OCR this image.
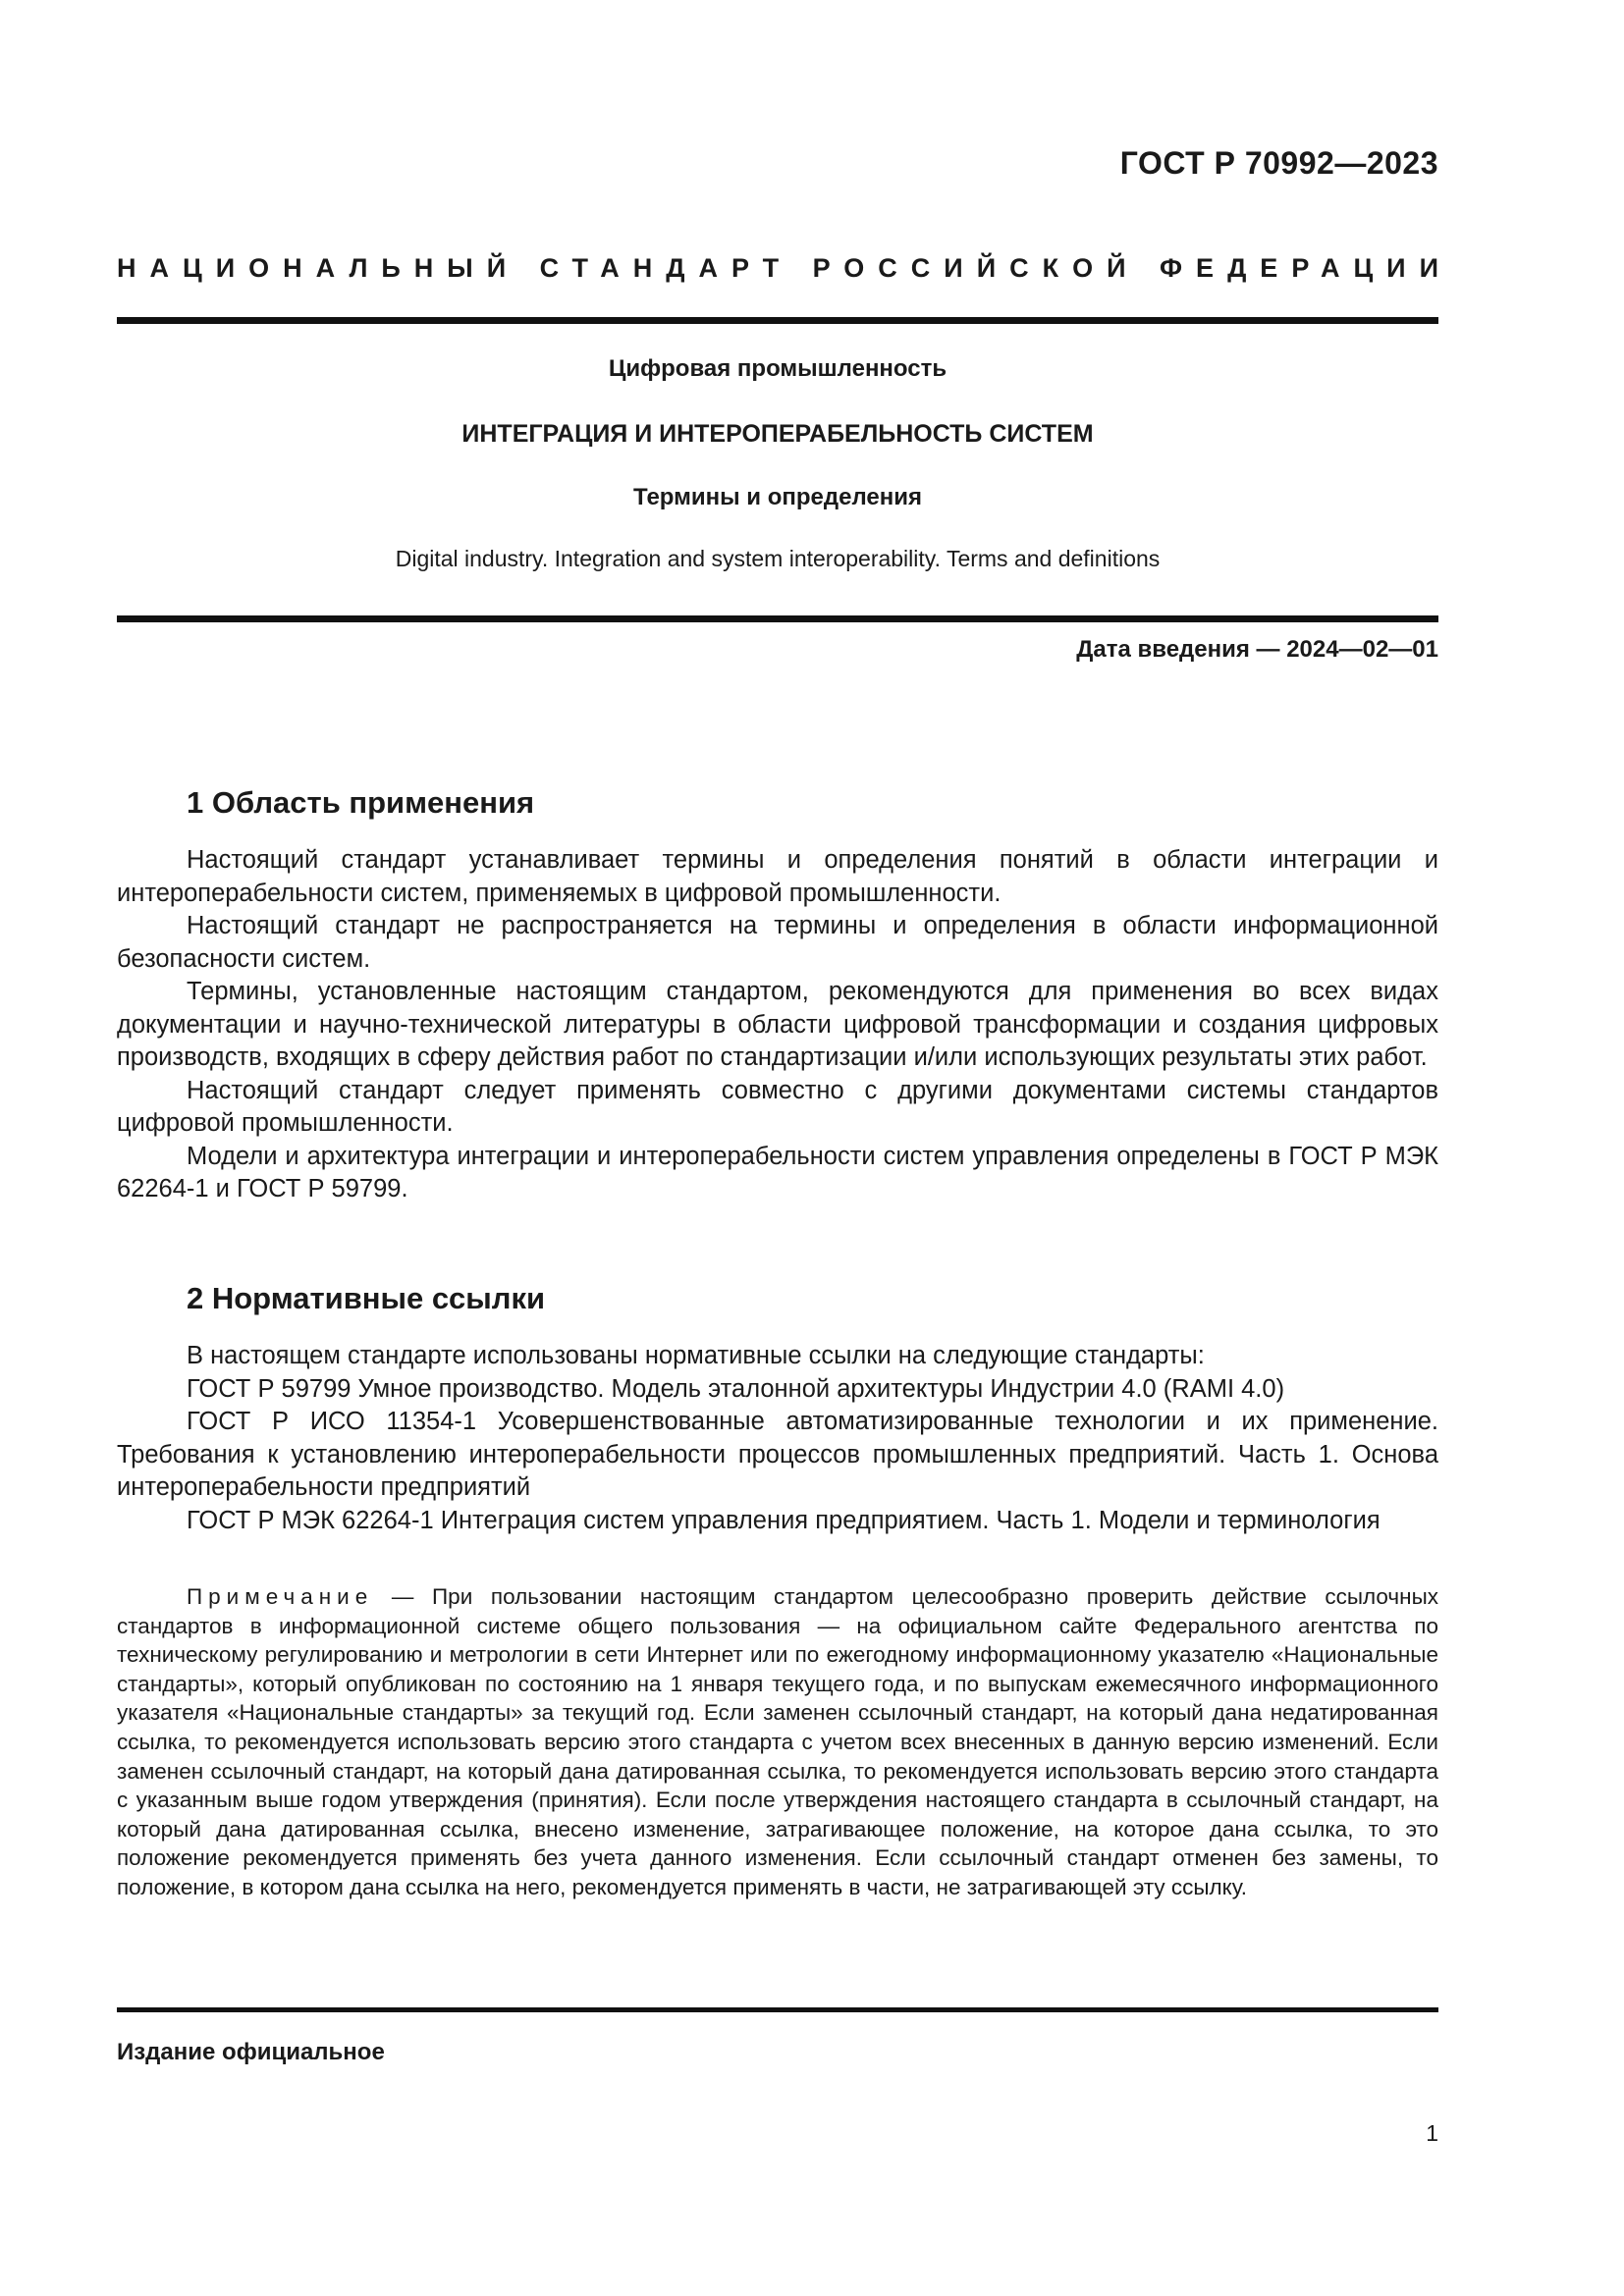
ГОСТ Р 70992—2023
НАЦИОНАЛЬНЫЙ СТАНДАРТ РОССИЙСКОЙ ФЕДЕРАЦИИ
Цифровая промышленность
ИНТЕГРАЦИЯ И ИНТЕРОПЕРАБЕЛЬНОСТЬ СИСТЕМ
Термины и определения
Digital industry. Integration and system interoperability. Terms and definitions
Дата введения — 2024—02—01
1 Область применения

Настоящий стандарт устанавливает термины и определения понятий в области интеграции и интероперабельности систем, применяемых в цифровой промышленности.

Настоящий стандарт не распространяется на термины и определения в области информационной безопасности систем.

Термины, установленные настоящим стандартом, рекомендуются для применения во всех видах документации и научно-технической литературы в области цифровой трансформации и создания цифровых производств, входящих в сферу действия работ по стандартизации и/или использующих результаты этих работ.

Настоящий стандарт следует применять совместно с другими документами системы стандартов цифровой промышленности.

Модели и архитектура интеграции и интероперабельности систем управления определены в ГОСТ Р МЭК 62264-1 и ГОСТ Р 59799.

2 Нормативные ссылки

В настоящем стандарте использованы нормативные ссылки на следующие стандарты:

ГОСТ Р 59799 Умное производство. Модель эталонной архитектуры Индустрии 4.0 (RAMI 4.0)

ГОСТ Р ИСО 11354-1 Усовершенствованные автоматизированные технологии и их применение. Требования к установлению интероперабельности процессов промышленных предприятий. Часть 1. Основа интероперабельности предприятий

ГОСТ Р МЭК 62264-1 Интеграция систем управления предприятием. Часть 1. Модели и терминология

Примечание — При пользовании настоящим стандартом целесообразно проверить действие ссылочных стандартов в информационной системе общего пользования — на официальном сайте Федерального агентства по техническому регулированию и метрологии в сети Интернет или по ежегодному информационному указателю «Национальные стандарты», который опубликован по состоянию на 1 января текущего года, и по выпускам ежемесячного информационного указателя «Национальные стандарты» за текущий год. Если заменен ссылочный стандарт, на который дана недатированная ссылка, то рекомендуется использовать версию этого стандарта с учетом всех внесенных в данную версию изменений. Если заменен ссылочный стандарт, на который дана датированная ссылка, то рекомендуется использовать версию этого стандарта с указанным выше годом утверждения (принятия). Если после утверждения настоящего стандарта в ссылочный стандарт, на который дана датированная ссылка, внесено изменение, затрагивающее положение, на которое дана ссылка, то это положение рекомендуется применять без учета данного изменения. Если ссылочный стандарт отменен без замены, то положение, в котором дана ссылка на него, рекомендуется применять в части, не затрагивающей эту ссылку.
Издание официальное
1
